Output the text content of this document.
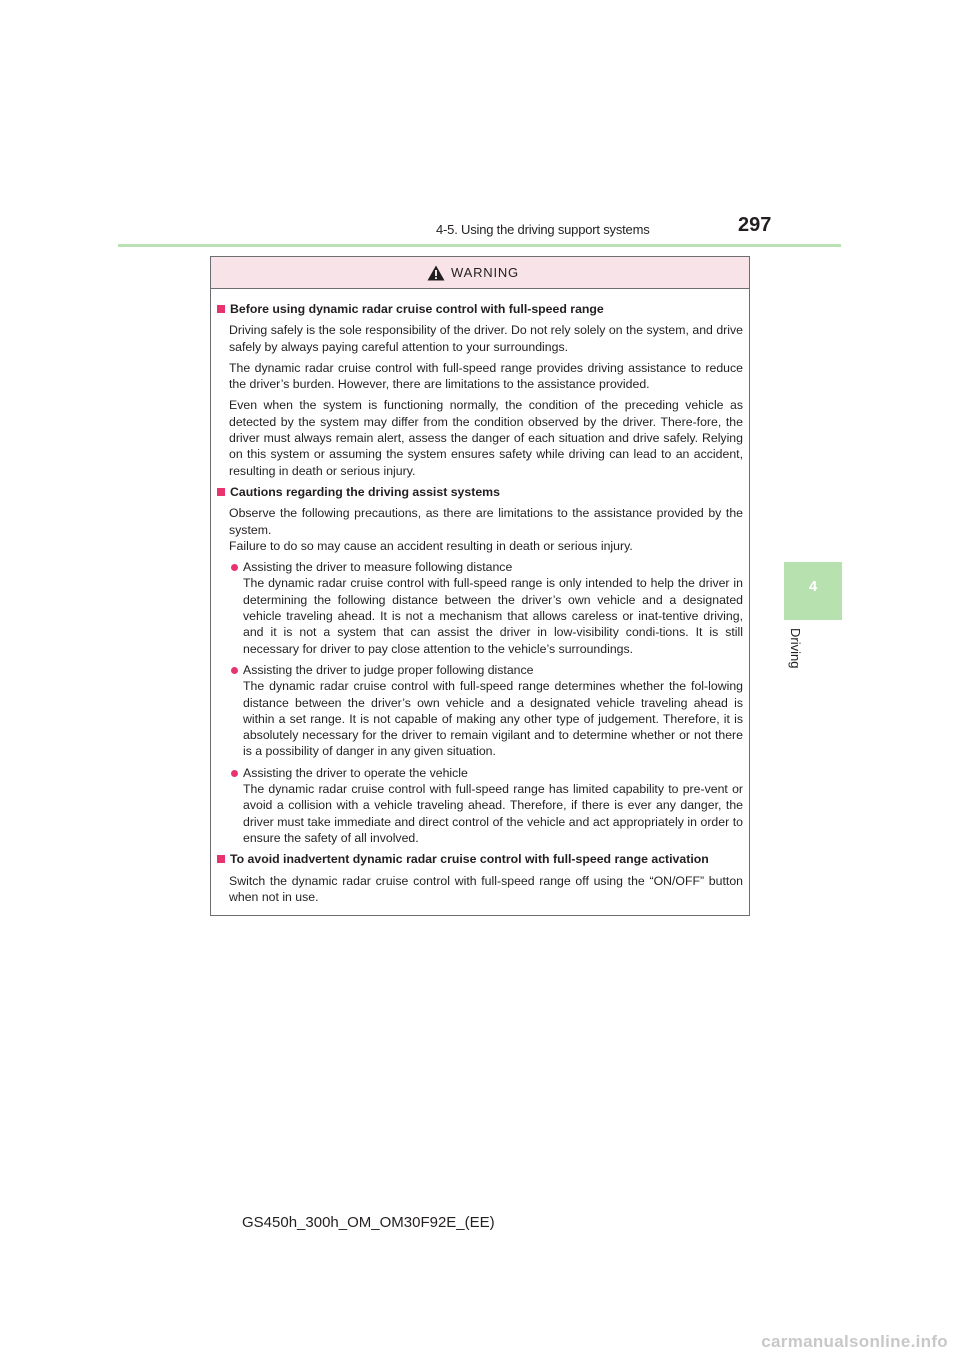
4-5. Using the driving support systems	297
4
Driving
WARNING
Before using dynamic radar cruise control with full-speed range

Driving safely is the sole responsibility of the driver. Do not rely solely on the system, and drive safely by always paying careful attention to your surroundings.

The dynamic radar cruise control with full-speed range provides driving assistance to reduce the driver’s burden. However, there are limitations to the assistance provided.

Even when the system is functioning normally, the condition of the preceding vehicle as detected by the system may differ from the condition observed by the driver. There-fore, the driver must always remain alert, assess the danger of each situation and drive safely. Relying on this system or assuming the system ensures safety while driving can lead to an accident, resulting in death or serious injury.

Cautions regarding the driving assist systems

Observe the following precautions, as there are limitations to the assistance provided by the system.

Failure to do so may cause an accident resulting in death or serious injury.

Assisting the driver to measure following distance
The dynamic radar cruise control with full-speed range is only intended to help the driver in determining the following distance between the driver’s own vehicle and a designated vehicle traveling ahead. It is not a mechanism that allows careless or inat-tentive driving, and it is not a system that can assist the driver in low-visibility condi-tions. It is still necessary for driver to pay close attention to the vehicle’s surroundings.
Assisting the driver to judge proper following distance
The dynamic radar cruise control with full-speed range determines whether the fol-lowing distance between the driver’s own vehicle and a designated vehicle traveling ahead is within a set range. It is not capable of making any other type of judgement. Therefore, it is absolutely necessary for the driver to remain vigilant and to determine whether or not there is a possibility of danger in any given situation.
Assisting the driver to operate the vehicle
The dynamic radar cruise control with full-speed range has limited capability to pre-vent or avoid a collision with a vehicle traveling ahead. Therefore, if there is ever any danger, the driver must take immediate and direct control of the vehicle and act appropriately in order to ensure the safety of all involved.
To avoid inadvertent dynamic radar cruise control with full-speed range activation

Switch the dynamic radar cruise control with full-speed range off using the “ON/OFF” button when not in use.

GS450h_300h_OM_OM30F92E_(EE)
carmanualsonline.info
